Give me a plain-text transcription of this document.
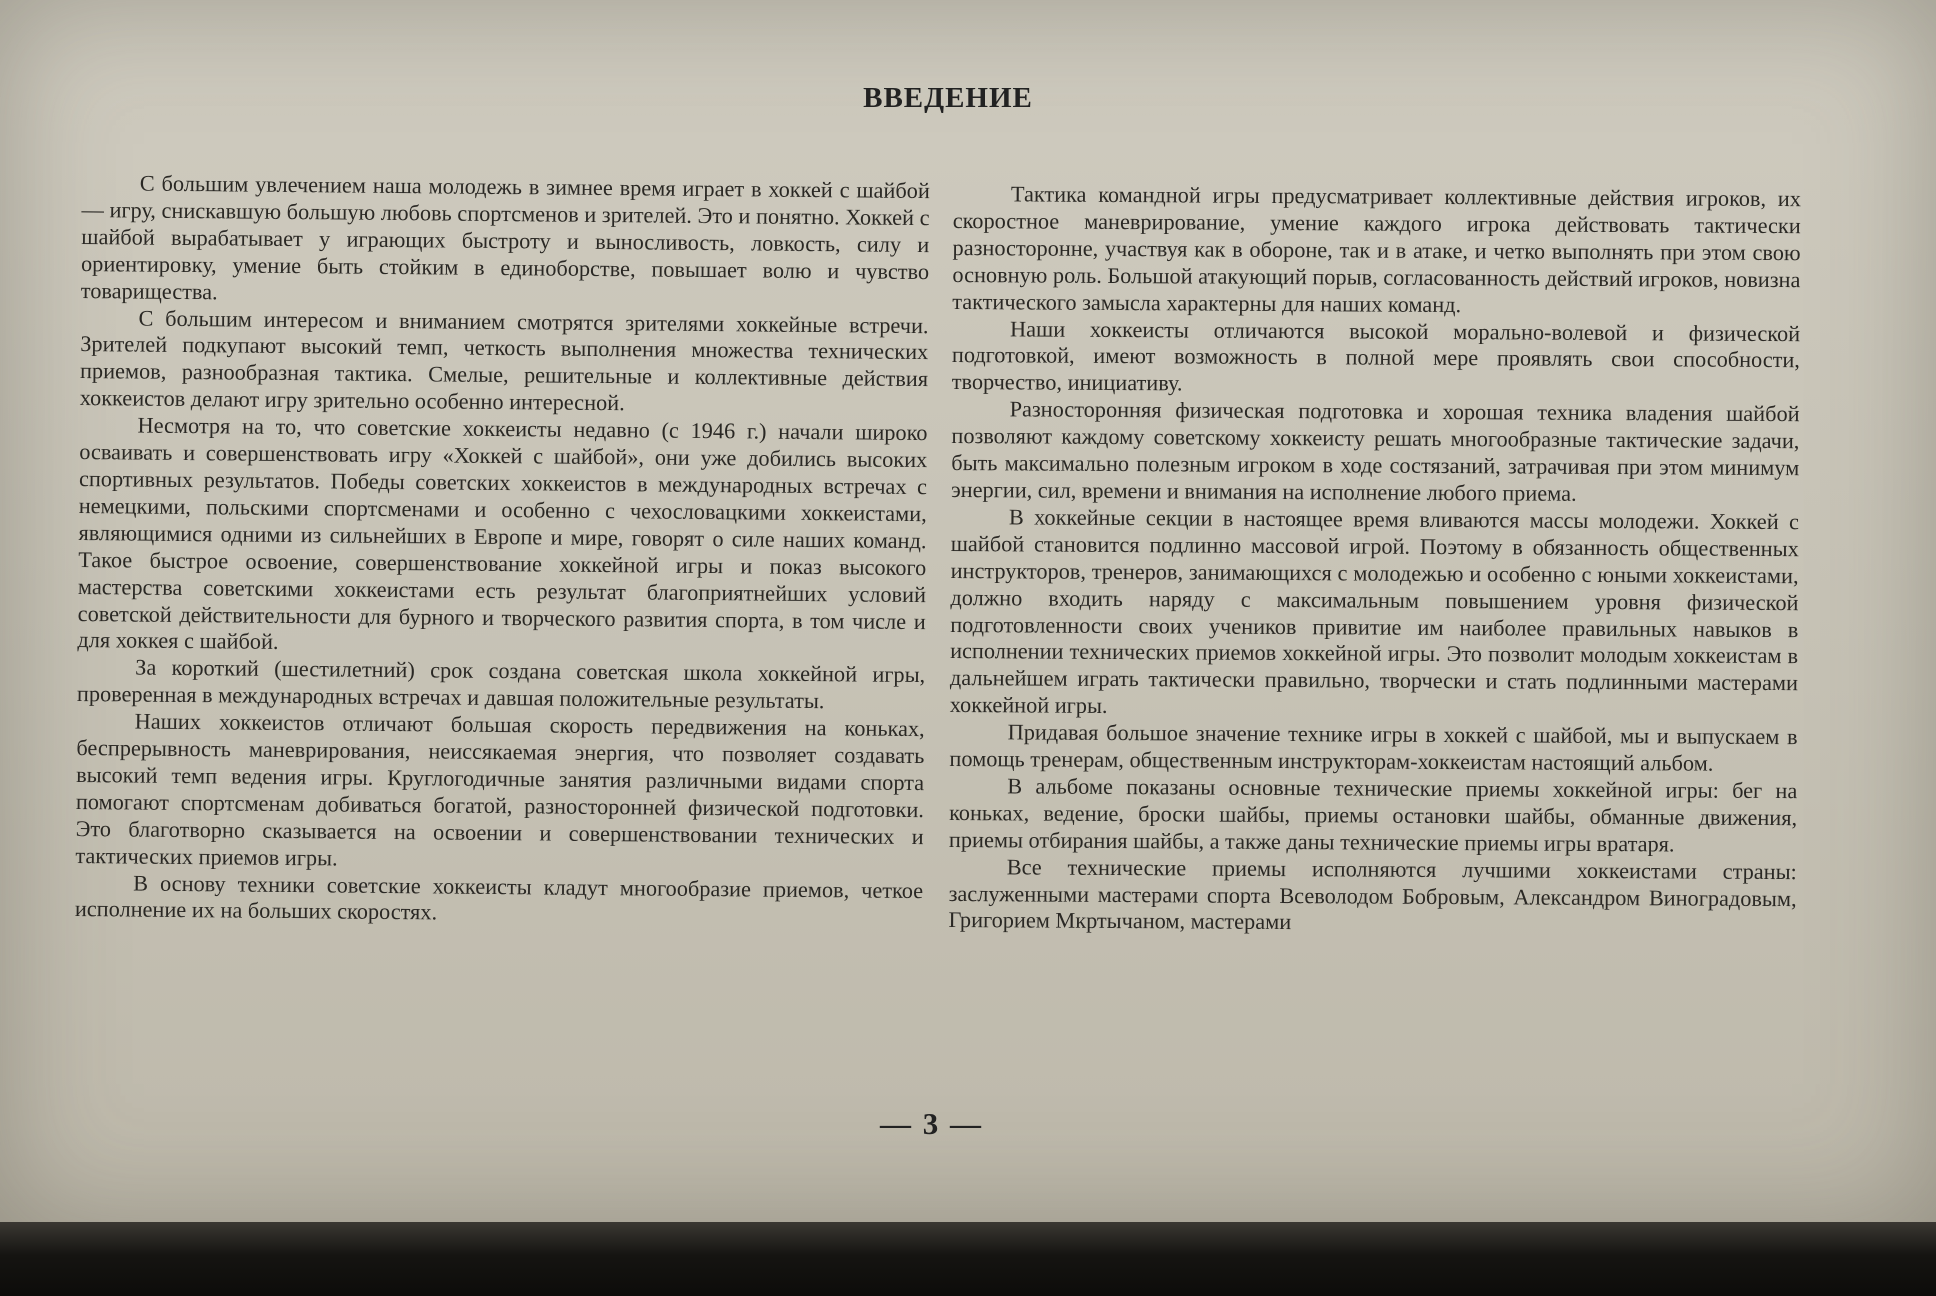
ВВЕДЕНИЕ

С большим увлечением наша молодежь в зимнее время играет в хоккей с шайбой — игру, снискавшую большую любовь спортсменов и зрителей. Это и понятно. Хоккей с шайбой вырабатывает у играющих быстроту и выносливость, ловкость, силу и ориентировку, умение быть стойким в единоборстве, повышает волю и чувство товарищества.

С большим интересом и вниманием смотрятся зрителями хоккейные встречи. Зрителей подкупают высокий темп, четкость выполнения множества технических приемов, разнообразная тактика. Смелые, решительные и коллективные действия хоккеистов делают игру зрительно особенно интересной.

Несмотря на то, что советские хоккеисты недавно (с 1946 г.) начали широко осваивать и совершенствовать игру «Хоккей с шайбой», они уже добились высоких спортивных результатов. Победы советских хоккеистов в международных встречах с немецкими, польскими спортсменами и особенно с чехословацкими хоккеистами, являющимися одними из сильнейших в Европе и мире, говорят о силе наших команд. Такое быстрое освоение, совершенствование хоккейной игры и показ высокого мастерства советскими хоккеистами есть результат благоприятнейших условий советской действительности для бурного и творческого развития спорта, в том числе и для хоккея с шайбой.

За короткий (шестилетний) срок создана советская школа хоккейной игры, проверенная в международных встречах и давшая положительные результаты.

Наших хоккеистов отличают большая скорость передвижения на коньках, беспрерывность маневрирования, неиссякаемая энергия, что позволяет создавать высокий темп ведения игры. Круглогодичные занятия различными видами спорта помогают спортсменам добиваться богатой, разносторонней физической подготовки. Это благотворно сказывается на освоении и совершенствовании технических и тактических приемов игры.

В основу техники советские хоккеисты кладут многообразие приемов, четкое исполнение их на больших скоростях.

Тактика командной игры предусматривает коллективные действия игроков, их скоростное маневрирование, умение каждого игрока действовать тактически разносторонне, участвуя как в обороне, так и в атаке, и четко выполнять при этом свою основную роль. Большой атакующий порыв, согласованность действий игроков, новизна тактического замысла характерны для наших команд.

Наши хоккеисты отличаются высокой морально-волевой и физической подготовкой, имеют возможность в полной мере проявлять свои способности, творчество, инициативу.

Разносторонняя физическая подготовка и хорошая техника владения шайбой позволяют каждому советскому хоккеисту решать многообразные тактические задачи, быть максимально полезным игроком в ходе состязаний, затрачивая при этом минимум энергии, сил, времени и внимания на исполнение любого приема.

В хоккейные секции в настоящее время вливаются массы молодежи. Хоккей с шайбой становится подлинно массовой игрой. Поэтому в обязанность общественных инструкторов, тренеров, занимающихся с молодежью и особенно с юными хоккеистами, должно входить наряду с максимальным повышением уровня физической подготовленности своих учеников привитие им наиболее правильных навыков в исполнении технических приемов хоккейной игры. Это позволит молодым хоккеистам в дальнейшем играть тактически правильно, творчески и стать подлинными мастерами хоккейной игры.

Придавая большое значение технике игры в хоккей с шайбой, мы и выпускаем в помощь тренерам, общественным инструкторам-хоккеистам настоящий альбом.

В альбоме показаны основные технические приемы хоккейной игры: бег на коньках, ведение, броски шайбы, приемы остановки шайбы, обманные движения, приемы отбирания шайбы, а также даны технические приемы игры вратаря.

Все технические приемы исполняются лучшими хоккеистами страны: заслуженными мастерами спорта Всеволодом Бобровым, Александром Виноградовым, Григорием Мкртычаном, мастерами

— 3 —
